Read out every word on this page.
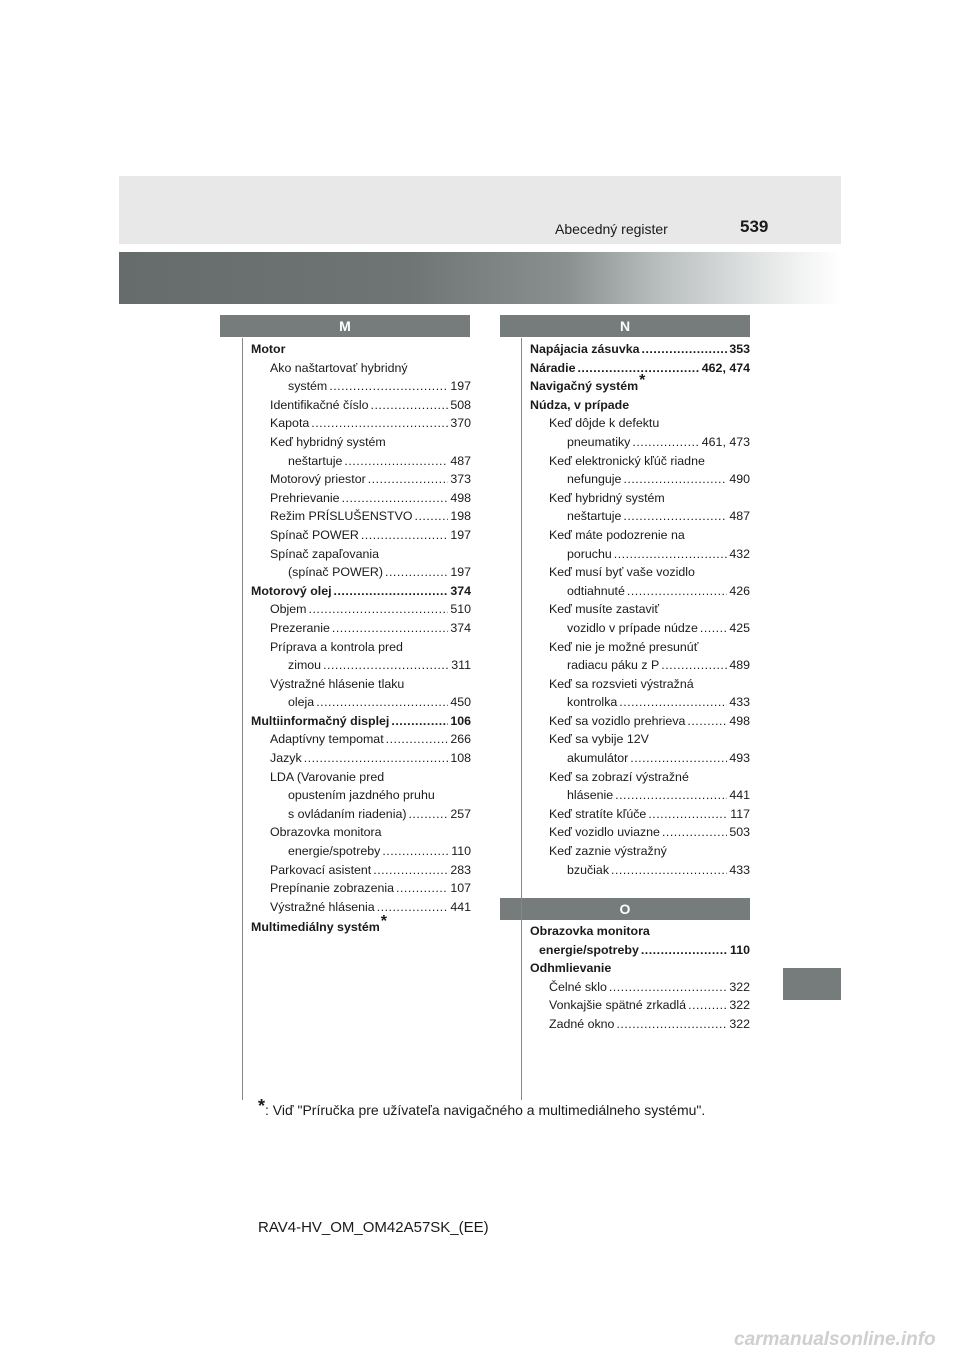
Abecedný register	539
M	N
O
Motor
Ako naštartovať hybridný
systém .....	197
Identifikačné číslo .....	508
Kapota .....	370
Keď hybridný systém
neštartuje .....	487
Motorový priestor .....	373
Prehrievanie .....	498
Režim PRÍSLUŠENSTVO .....	198
Spínač POWER .....	197
Spínač zapaľovania
(spínač POWER) .....	197
Motorový olej .....	374
Objem .....	510
Prezeranie .....	374
Príprava a kontrola pred
zimou .....	311
Výstražné hlásenie tlaku
oleja .....	450
Multiinformačný displej .....	106
Adaptívny tempomat .....	266
Jazyk .....	108
LDA (Varovanie pred
opustením jazdného pruhu
s ovládaním riadenia) .....	257
Obrazovka monitora
energie/spotreby .....	110
Parkovací asistent .....	283
Prepínanie zobrazenia .....	107
Výstražné hlásenia .....	441
Multimediálny systém *
Napájacia zásuvka .....	353
Náradie .....	462, 474
Navigačný systém *
Núdza, v prípade
Keď dôjde k defektu
pneumatiky .....	461, 473
Keď elektronický kľúč riadne
nefunguje .....	490
Keď hybridný systém
neštartuje .....	487
Keď máte podozrenie na
poruchu .....	432
Keď musí byť vaše vozidlo
odtiahnuté .....	426
Keď musíte zastaviť
vozidlo v prípade núdze .....	425
Keď nie je možné presunúť
radiacu páku z P .....	489
Keď sa rozsvieti výstražná
kontrolka .....	433
Keď sa vozidlo prehrieva .....	498
Keď sa vybije 12V
akumulátor .....	493
Keď sa zobrazí výstražné
hlásenie .....	441
Keď stratíte kľúče .....	117
Keď vozidlo uviazne .....	503
Keď zaznie výstražný
bzučiak .....	433
Obrazovka monitora
energie/spotreby .....	110
Odhmlievanie
Čelné sklo .....	322
Vonkajšie spätné zrkadlá .....	322
Zadné okno .....	322
*: Viď "Príručka pre užívateľa navigačného a multimediálneho systému".
RAV4-HV_OM_OM42A57SK_(EE)
carmanualsonline.info
